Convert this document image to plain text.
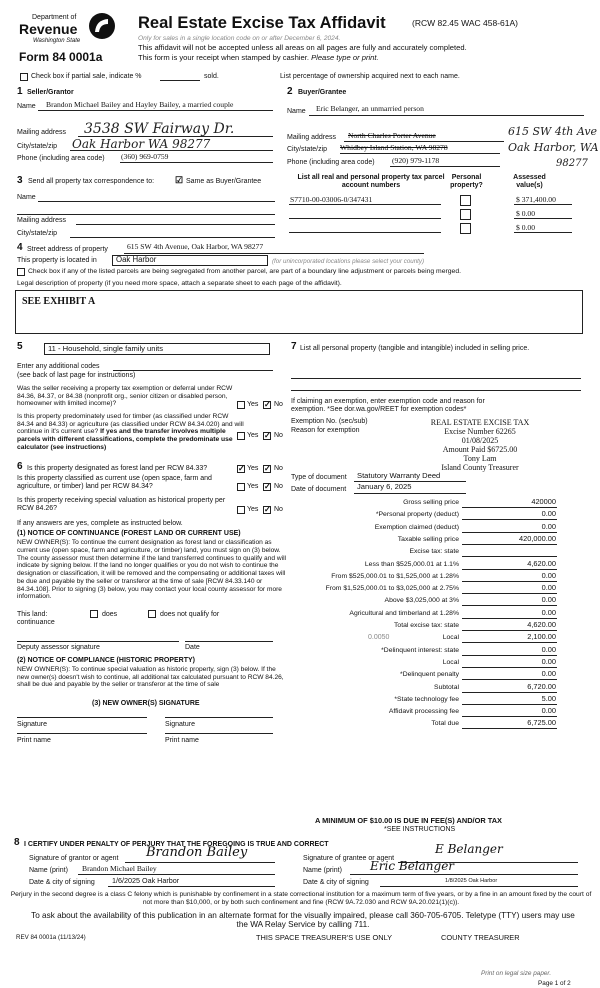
Department of
Revenue
Washington State
Form 84 0001a
Real Estate Excise Tax Affidavit	(RCW 82.45 WAC 458-61A)
Only for sales in a single location code on or after December 6, 2024.
This affidavit will not be accepted unless all areas on all pages are fully and accurately completed.
This form is your receipt when stamped by cashier. Please type or print.
Check box if partial sale, indicate %	sold.	List percentage of ownership acquired next to each name.
1 Seller/Grantor
Name Brandon Michael Bailey and Hayley Bailey, a married couple
Mailing address 3538 SW Fairway Dr.
City/state/zip Oak Harbor WA 98277
Phone (including area code) (360) 969-0759
2 Buyer/Grantee
Name Eric Belanger, an unmarried person
Mailing address North Charles Porter Avenue
City/state/zip Whidbey Island Station, WA 98278
615 SW 4th Ave
Oak Harbor, WA
98277
Phone (including area code) (920) 979-1178
3 Send all property tax correspondence to: ☑ Same as Buyer/Grantee
Name
Mailing address
City/state/zip
List all real and personal property tax parcel account numbers
Personal property?
Assessed value(s)
S7710-00-03006-0/347431	$ 371,400.00
$ 0.00
$ 0.00
4 Street address of property	615 SW 4th Avenue, Oak Harbor, WA 98277
This property is located in Oak Harbor	(for unincorporated locations please select your county)
Check box if any of the listed parcels are being segregated from another parcel, are part of a boundary line adjustment or parcels being merged.
Legal description of property (if you need more space, attach a separate sheet to each page of the affidavit).
SEE EXHIBIT A
5	11 - Household, single family units
Enter any additional codes
(see back of last page for instructions)
Was the seller receiving a property tax exemption or deferral under RCW 84.36, 84.37, or 84.38 (nonprofit org., senior citizen or disabled person, homeowner with limited income)?	Yes ✓ No
Is this property predominately used for timber (as classified under RCW 84.34 and 84.33) or agriculture (as classified under RCW 84.34.020) and will continue in it's current use? If yes and the transfer involves multiple parcels with different classifications, complete the predominate use calculator (see instructions)
Yes ✓ No
6 Is this property designated as forest land per RCW 84.33?	✓ Yes ✓ No
Is this property classified as current use (open space, farm and agriculture, or timber) land per RCW 84.34?	Yes ✓ No
Is this property receiving special valuation as historical property per RCW 84.26?	Yes ✓ No
If any answers are yes, complete as instructed below.
(1) NOTICE OF CONTINUANCE (FOREST LAND OR CURRENT USE)
NEW OWNER(S): To continue the current designation as forest land or classification as current use (open space, farm and agriculture, or timber) land, you must sign on (3) below. The county assessor must then determine if the land transferred continues to qualify and will indicate by signing below. If the land no longer qualifies or you do not wish to continue the designation or classification, it will be removed and the compensating or additional taxes will be due and payable by the seller or transferor at the time of sale [RCW 84.33.140 or 84.34.108]. Prior to signing (3) below, you may contact your local county assessor for more information.
This land:	does	does not qualify for
continuance
Deputy assessor signature	Date
(2) NOTICE OF COMPLIANCE (HISTORIC PROPERTY)
NEW OWNER(S): To continue special valuation as historic property, sign (3) below. If the new owner(s) doesn't wish to continue, all additional tax calculated pursuant to RCW 84.26, shall be due and payable by the seller or transferor at the time of sale
(3) NEW OWNER(S) SIGNATURE
Signature	Signature
Print name	Print name
7 List all personal property (tangible and intangible) included in selling price.
If claiming an exemption, enter exemption code and reason for exemption. *See dor.wa.gov/REET for exemption codes*
Exemption No. (sec/sub)
Reason for exemption
REAL ESTATE EXCISE TAX
Excise Number 62265
01/08/2025
Amount Paid $6725.00
Tony Lam
Island County Treasurer
Type of document Statutory Warranty Deed
Date of document January 6, 2025
Gross selling price	420000
*Personal property (deduct)	0.00
Exemption claimed (deduct)	0.00
Taxable selling price	420,000.00
Excise tax: state
Less than $525,000.01 at 1.1%	4,620.00
From $525,000.01 to $1,525,000 at 1.28%	0.00
From $1,525,000.01 to $3,025,000 at 2.75%	0.00
Above $3,025,000 at 3%	0.00
Agricultural and timberland at 1.28%	0.00
Total excise tax: state	4,620.00
Local	2,100.00
0.0050
*Delinquent interest: state	0.00
Local	0.00
*Delinquent penalty	0.00
Subtotal	6,720.00
*State technology fee	5.00
Affidavit processing fee	0.00
Total due	6,725.00
A MINIMUM OF $10.00 IS DUE IN FEE(S) AND/OR TAX
*SEE INSTRUCTIONS
8 I CERTIFY UNDER PENALTY OF PERJURY THAT THE FOREGOING IS TRUE AND CORRECT
Signature of grantor or agent Brandon Bailey
Name (print) Brandon Michael Bailey
Date & city of signing 1/6/2025 Oak Harbor
Signature of grantee or agent
E Belanger
Name (print) Eric Belanger
Date & city of signing	1/8/2025 Oak Harbor
Perjury in the second degree is a class C felony which is punishable by confinement in a state correctional institution for a maximum term of five years, or by a fine in an amount fixed by the court of not more than $10,000, or by both such confinement and fine (RCW 9A.72.030 and RCW 9A.20.021(1)(c)).
To ask about the availability of this publication in an alternate format for the visually impaired, please call 360-705-6705. Teletype (TTY) users may use the WA Relay Service by calling 711.
REV 84 0001a (11/13/24)	THIS SPACE TREASURER'S USE ONLY	COUNTY TREASURER
Print on legal size paper.
Page 1 of 2
